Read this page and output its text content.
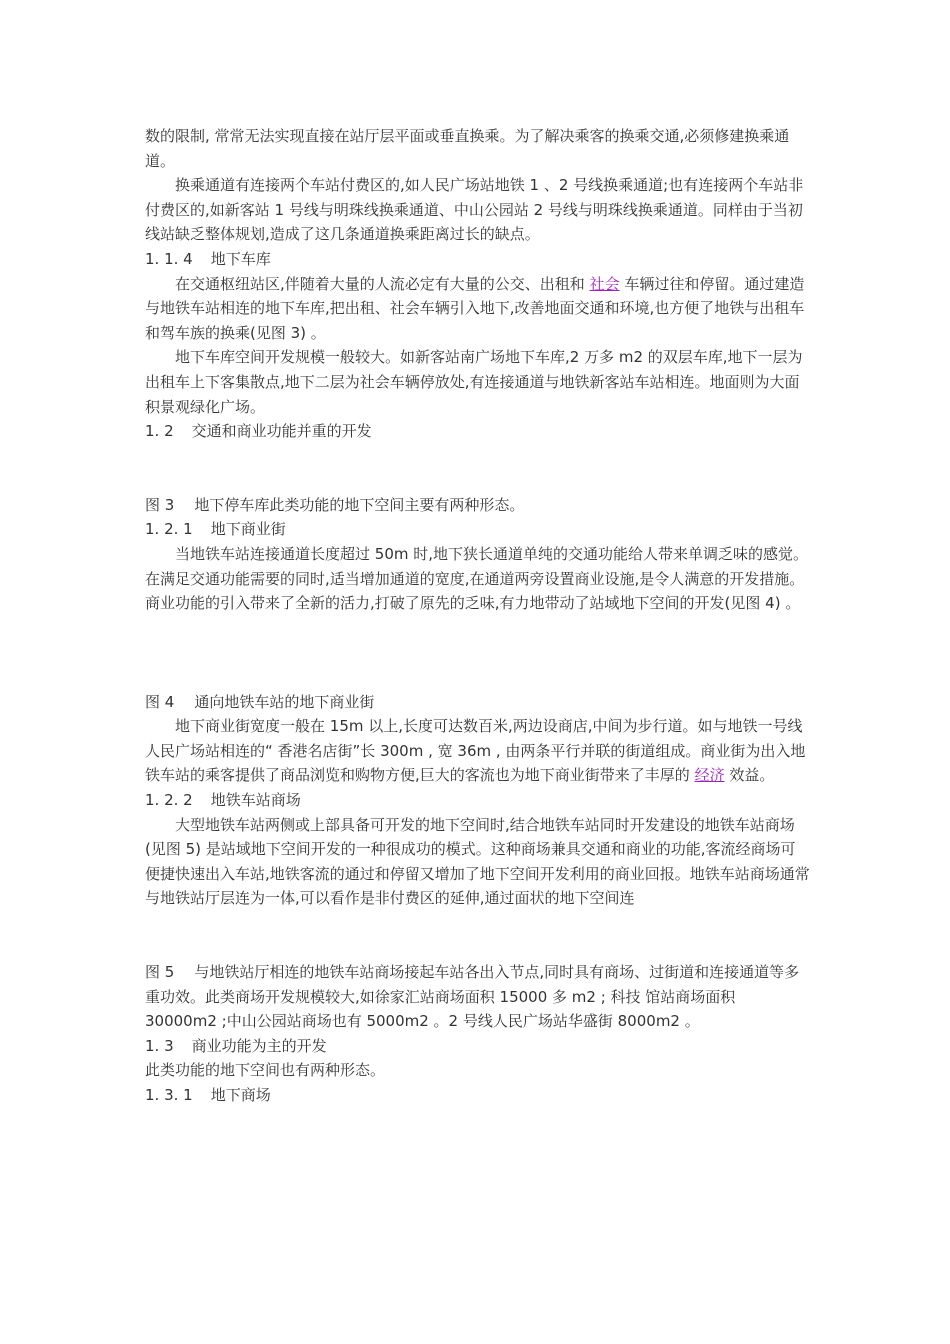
数的限制, 常常无法实现直接在站厅层平面或垂直换乘。为了解决乘客的换乘交通,必须修建换乘通道。

换乘通道有连接两个车站付费区的,如人民广场站地铁 1 、2 号线换乘通道;也有连接两个车站非付费区的,如新客站 1 号线与明珠线换乘通道、中山公园站 2 号线与明珠线换乘通道。同样由于当初线站缺乏整体规划,造成了这几条通道换乘距离过长的缺点。

1. 1. 4 地下车库

在交通枢纽站区,伴随着大量的人流必定有大量的公交、出租和 社会 车辆过往和停留。通过建造与地铁车站相连的地下车库,把出租、社会车辆引入地下,改善地面交通和环境,也方便了地铁与出租车和驾车族的换乘(见图 3) 。

地下车库空间开发规模一般较大。如新客站南广场地下车库,2 万多 m2 的双层车库,地下一层为出租车上下客集散点,地下二层为社会车辆停放处,有连接通道与地铁新客站车站相连。地面则为大面积景观绿化广场。

1. 2 交通和商业功能并重的开发

图 3 地下停车库此类功能的地下空间主要有两种形态。

1. 2. 1 地下商业街

当地铁车站连接通道长度超过 50m 时,地下狭长通道单纯的交通功能给人带来单调乏味的感觉。在满足交通功能需要的同时,适当增加通道的宽度,在通道两旁设置商业设施,是令人满意的开发措施。商业功能的引入带来了全新的活力,打破了原先的乏味,有力地带动了站域地下空间的开发(见图 4) 。

图 4 通向地铁车站的地下商业街

地下商业街宽度一般在 15m 以上,长度可达数百米,两边设商店,中间为步行道。如与地铁一号线人民广场站相连的“ 香港名店街”长 300m , 宽 36m , 由两条平行并联的街道组成。商业街为出入地铁车站的乘客提供了商品浏览和购物方便,巨大的客流也为地下商业街带来了丰厚的 经济 效益。

1. 2. 2 地铁车站商场

大型地铁车站两侧或上部具备可开发的地下空间时,结合地铁车站同时开发建设的地铁车站商场(见图 5) 是站域地下空间开发的一种很成功的模式。这种商场兼具交通和商业的功能,客流经商场可便捷快速出入车站,地铁客流的通过和停留又增加了地下空间开发利用的商业回报。地铁车站商场通常与地铁站厅层连为一体,可以看作是非付费区的延伸,通过面状的地下空间连

图 5 与地铁站厅相连的地铁车站商场接起车站各出入节点,同时具有商场、过街道和连接通道等多重功效。此类商场开发规模较大,如徐家汇站商场面积 15000 多 m2 ; 科技 馆站商场面积 30000m2 ;中山公园站商场也有 5000m2 。2 号线人民广场站华盛街 8000m2 。

1. 3 商业功能为主的开发

此类功能的地下空间也有两种形态。

1. 3. 1 地下商场
